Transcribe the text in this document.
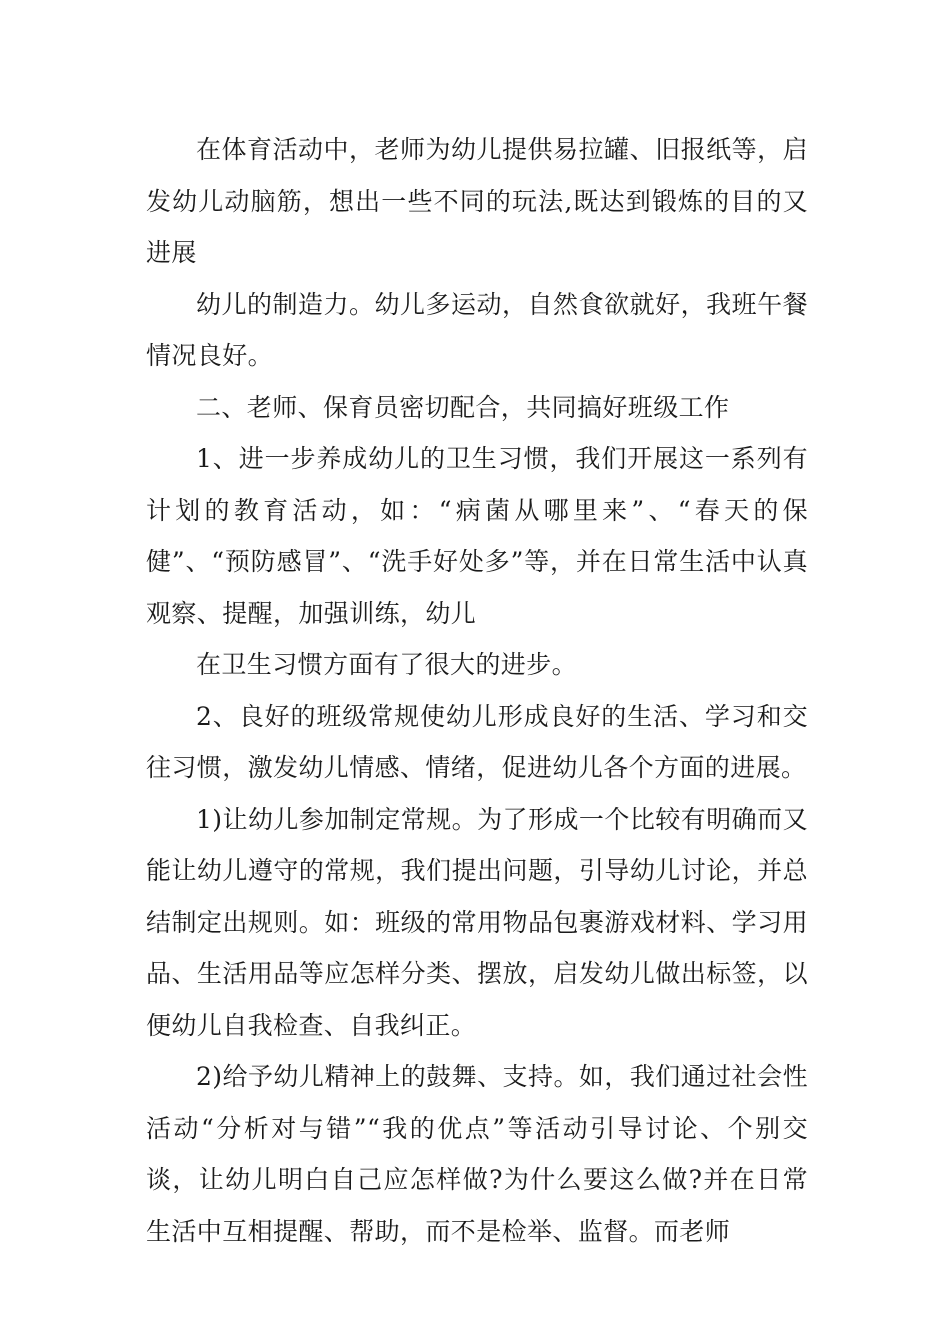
在体育活动中，老师为幼儿提供易拉罐、旧报纸等，启发幼儿动脑筋，想出一些不同的玩法,既达到锻炼的目的又进展

幼儿的制造力。幼儿多运动，自然食欲就好，我班午餐情况良好。

二、老师、保育员密切配合，共同搞好班级工作

1、进一步养成幼儿的卫生习惯，我们开展这一系列有计划的教育活动，如：“病菌从哪里来”、“春天的保健”、“预防感冒”、“洗手好处多”等，并在日常生活中认真观察、提醒，加强训练，幼儿

在卫生习惯方面有了很大的进步。

2、良好的班级常规使幼儿形成良好的生活、学习和交往习惯，激发幼儿情感、情绪，促进幼儿各个方面的进展。

1)让幼儿参加制定常规。为了形成一个比较有明确而又能让幼儿遵守的常规，我们提出问题，引导幼儿讨论，并总结制定出规则。如：班级的常用物品包裹游戏材料、学习用品、生活用品等应怎样分类、摆放，启发幼儿做出标签，以便幼儿自我检查、自我纠正。

2)给予幼儿精神上的鼓舞、支持。如，我们通过社会性活动“分析对与错”“我的优点”等活动引导讨论、个别交谈，让幼儿明白自己应怎样做?为什么要这么做?并在日常生活中互相提醒、帮助，而不是检举、监督。而老师
